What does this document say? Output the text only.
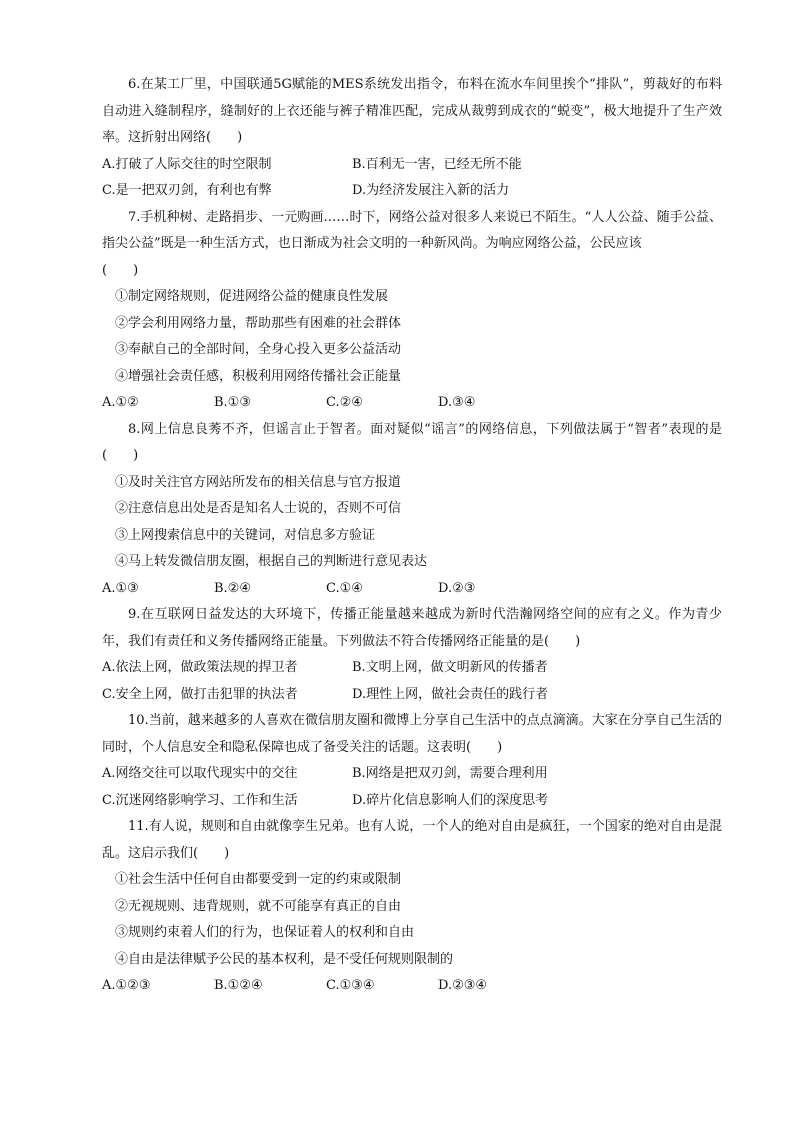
6.在某工厂里，中国联通5G赋能的MES系统发出指令，布料在流水车间里挨个“排队”，剪裁好的布料自动进入缝制程序，缝制好的上衣还能与裤子精准匹配，完成从裁剪到成衣的“蜕变”，极大地提升了生产效率。这折射出网络(　　)

A.打破了人际交往的时空限制	B.百利无一害，已经无所不能
C.是一把双刃剑，有利也有弊	D.为经济发展注入新的活力

7.手机种树、走路捐步、一元购画……时下，网络公益对很多人来说已不陌生。“人人公益、随手公益、指尖公益”既是一种生活方式，也日渐成为社会文明的一种新风尚。为响应网络公益，公民应该

(　　)

①制定网络规则，促进网络公益的健康良性发展

②学会利用网络力量，帮助那些有困难的社会群体

③奉献自己的全部时间，全身心投入更多公益活动

④增强社会责任感，积极利用网络传播社会正能量

A.①②	B.①③	C.②④	D.③④

8.网上信息良莠不齐，但谣言止于智者。面对疑似“谣言”的网络信息，下列做法属于“智者”表现的是(　　)

①及时关注官方网站所发布的相关信息与官方报道

②注意信息出处是否是知名人士说的，否则不可信

③上网搜索信息中的关键词，对信息多方验证

④马上转发微信朋友圈，根据自己的判断进行意见表达

A.①③	B.②④	C.①④	D.②③

9.在互联网日益发达的大环境下，传播正能量越来越成为新时代浩瀚网络空间的应有之义。作为青少年，我们有责任和义务传播网络正能量。下列做法不符合传播网络正能量的是(　　)

A.依法上网，做政策法规的捍卫者	B.文明上网，做文明新风的传播者
C.安全上网，做打击犯罪的执法者	D.理性上网，做社会责任的践行者

10.当前，越来越多的人喜欢在微信朋友圈和微博上分享自己生活中的点点滴滴。大家在分享自己生活的同时，个人信息安全和隐私保障也成了备受关注的话题。这表明(　　)

A.网络交往可以取代现实中的交往	B.网络是把双刃剑，需要合理利用
C.沉迷网络影响学习、工作和生活	D.碎片化信息影响人们的深度思考

11.有人说，规则和自由就像孪生兄弟。也有人说，一个人的绝对自由是疯狂，一个国家的绝对自由是混乱。这启示我们(　　)

①社会生活中任何自由都要受到一定的约束或限制

②无视规则、违背规则，就不可能享有真正的自由

③规则约束着人们的行为，也保证着人的权利和自由

④自由是法律赋予公民的基本权利，是不受任何规则限制的

A.①②③	B.①②④	C.①③④	D.②③④
